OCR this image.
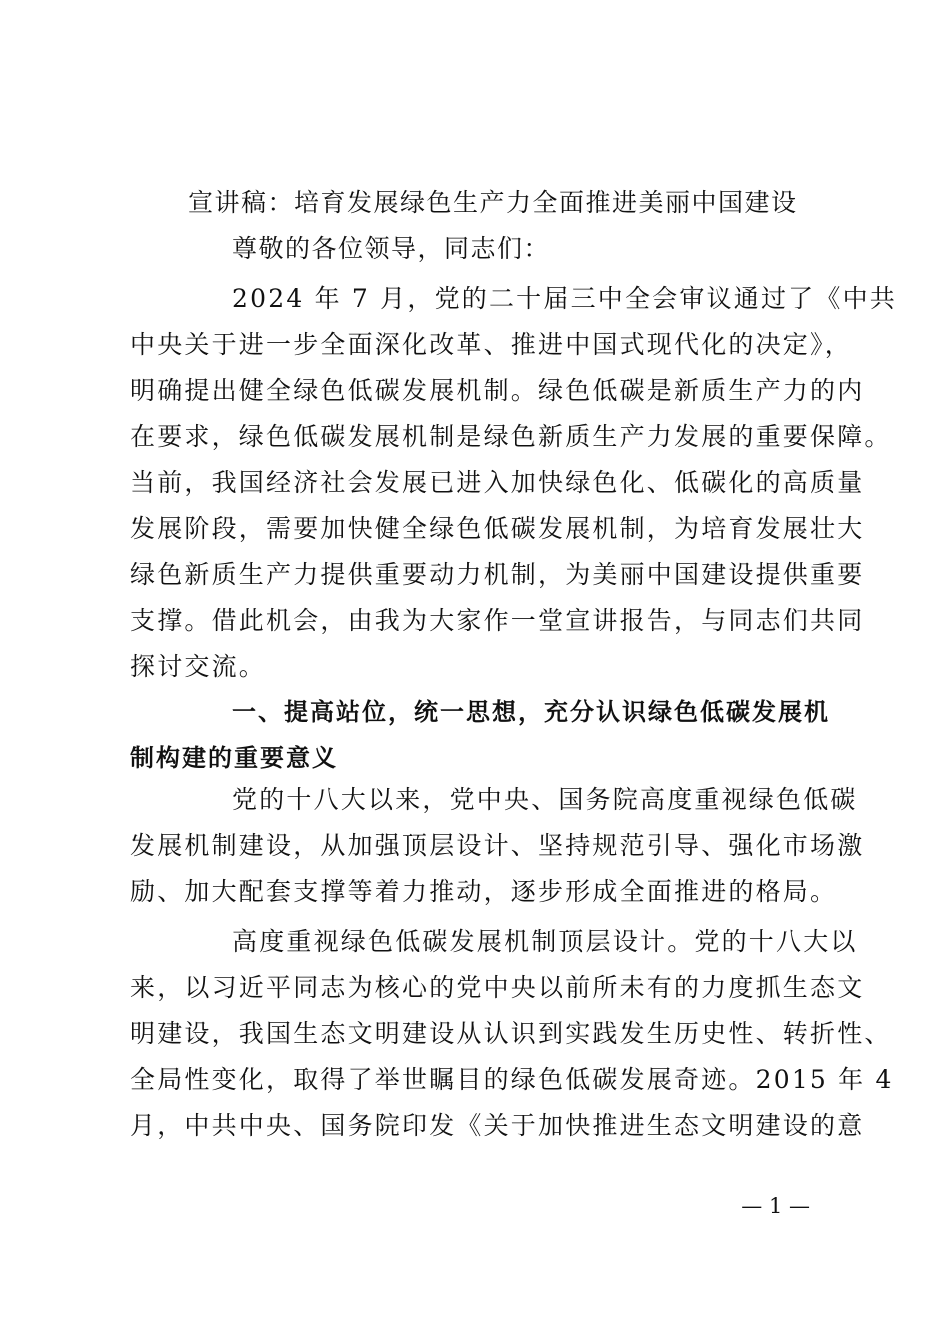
宣讲稿：培育发展绿色生产力全面推进美丽中国建设
尊敬的各位领导，同志们：
2024 年 7 月，党的二十届三中全会审议通过了《中共
中央关于进一步全面深化改革、推进中国式现代化的决定》，
明确提出健全绿色低碳发展机制。绿色低碳是新质生产力的内
在要求，绿色低碳发展机制是绿色新质生产力发展的重要保障。
当前，我国经济社会发展已进入加快绿色化、低碳化的高质量
发展阶段，需要加快健全绿色低碳发展机制，为培育发展壮大
绿色新质生产力提供重要动力机制，为美丽中国建设提供重要
支撑。借此机会，由我为大家作一堂宣讲报告，与同志们共同
探讨交流。
一、提高站位，统一思想，充分认识绿色低碳发展机
制构建的重要意义
党的十八大以来，党中央、国务院高度重视绿色低碳
发展机制建设，从加强顶层设计、坚持规范引导、强化市场激
励、加大配套支撑等着力推动，逐步形成全面推进的格局。
高度重视绿色低碳发展机制顶层设计。党的十八大以
来，以习近平同志为核心的党中央以前所未有的力度抓生态文
明建设，我国生态文明建设从认识到实践发生历史性、转折性、
全局性变化，取得了举世瞩目的绿色低碳发展奇迹。2015 年 4
月，中共中央、国务院印发《关于加快推进生态文明建设的意
— 1 —
